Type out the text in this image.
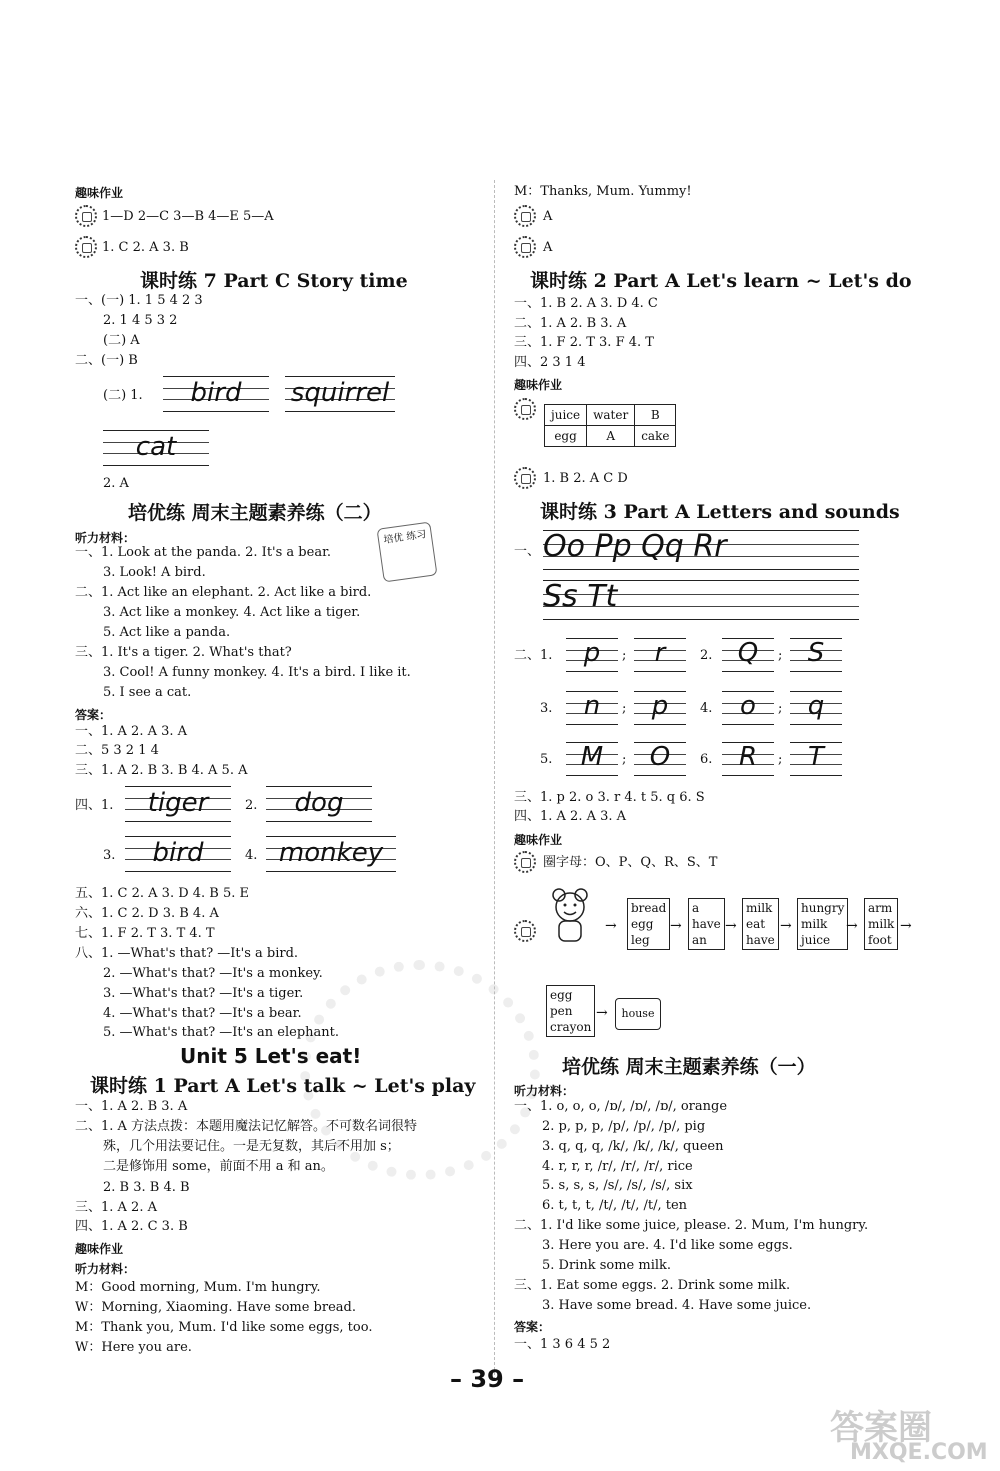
趣味作业
1—D 2—C 3—B 4—E 5—A
1. C 2. A 3. B
课时练 7 Part C Story time
一、(一) 1. 1 5 4 2 3
2. 1 4 5 3 2
(二) A
二、(一) B
(二) 1.	bird	squirrel
cat
2. A
培优练 周末主题素养练（二）
培优 练习
听力材料：
一、1. Look at the panda. 2. It's a bear.
3. Look! A bird.
二、1. Act like an elephant. 2. Act like a bird.
3. Act like a monkey. 4. Act like a tiger.
5. Act like a panda.
三、1. It's a tiger. 2. What's that?
3. Cool! A funny monkey. 4. It's a bird. I like it.
5. I see a cat.
答案：
一、1. A 2. A 3. A
二、5 3 2 1 4
三、1. A 2. B 3. B 4. A 5. A
四、1.	tiger	2.	dog
3.	bird	4. monkey
五、1. C 2. A 3. D 4. B 5. E
六、1. C 2. D 3. B 4. A
七、1. F 2. T 3. T 4. T
八、1. —What's that? —It's a bird.
2. —What's that? —It's a monkey.
3. —What's that? —It's a tiger.
4. —What's that? —It's a bear.
5. —What's that? —It's an elephant.
Unit 5 Let's eat!
课时练 1 Part A Let's talk ~ Let's play
一、1. A 2. B 3. A
二、1. A 方法点拨：本题用魔法记忆解答。不可数名词很特
殊，几个用法要记住。一是无复数，其后不用加 s；
二是修饰用 some，前面不用 a 和 an。
2. B 3. B 4. B
三、1. A 2. A
四、1. A 2. C 3. B
趣味作业
听力材料：
M：Good morning, Mum. I'm hungry.
W：Morning, Xiaoming. Have some bread.
M：Thank you, Mum. I'd like some eggs, too.
W：Here you are.
M：Thanks, Mum. Yummy!
A
A
课时练 2 Part A Let's learn ~ Let's do
一、1. B 2. A 3. D 4. C
二、1. A 2. B 3. A
三、1. F 2. T 3. F 4. T
四、2 3 1 4
趣味作业
juice	water	B
egg	A	cake
1. B 2. A C D
课时练 3 Part A Letters and sounds
一、 Oo Pp Qq Rr
Ss Tt
二、1.	p	;	r	2. Q	; S
3.	n	; p	4.	o	; q
5.	M	; O	6.	R	; T
三、1. p 2. o 3. r 4. t 5. q 6. S
四、1. A 2. A 3. A
趣味作业
圈字母：O、P、Q、R、S、T
→
bread
egg
leg
→
a
have
an
→
milk
eat
have
→
hungry
milk
juice
→
arm
milk
foot
→
egg
pen
crayon
→	house
培优练 周末主题素养练（一）
听力材料：
一、1. o, o, o, /ɒ/, /ɒ/, /ɒ/, orange
2. p, p, p, /p/, /p/, /p/, pig
3. q, q, q, /k/, /k/, /k/, queen
4. r, r, r, /r/, /r/, /r/, rice
5. s, s, s, /s/, /s/, /s/, six
6. t, t, t, /t/, /t/, /t/, ten
二、1. I'd like some juice, please. 2. Mum, I'm hungry.
3. Here you are. 4. I'd like some eggs.
5. Drink some milk.
三、1. Eat some eggs. 2. Drink some milk.
3. Have some bread. 4. Have some juice.
答案：
一、1 3 6 4 5 2
– 39 –
答案圈
MXQE.COM
